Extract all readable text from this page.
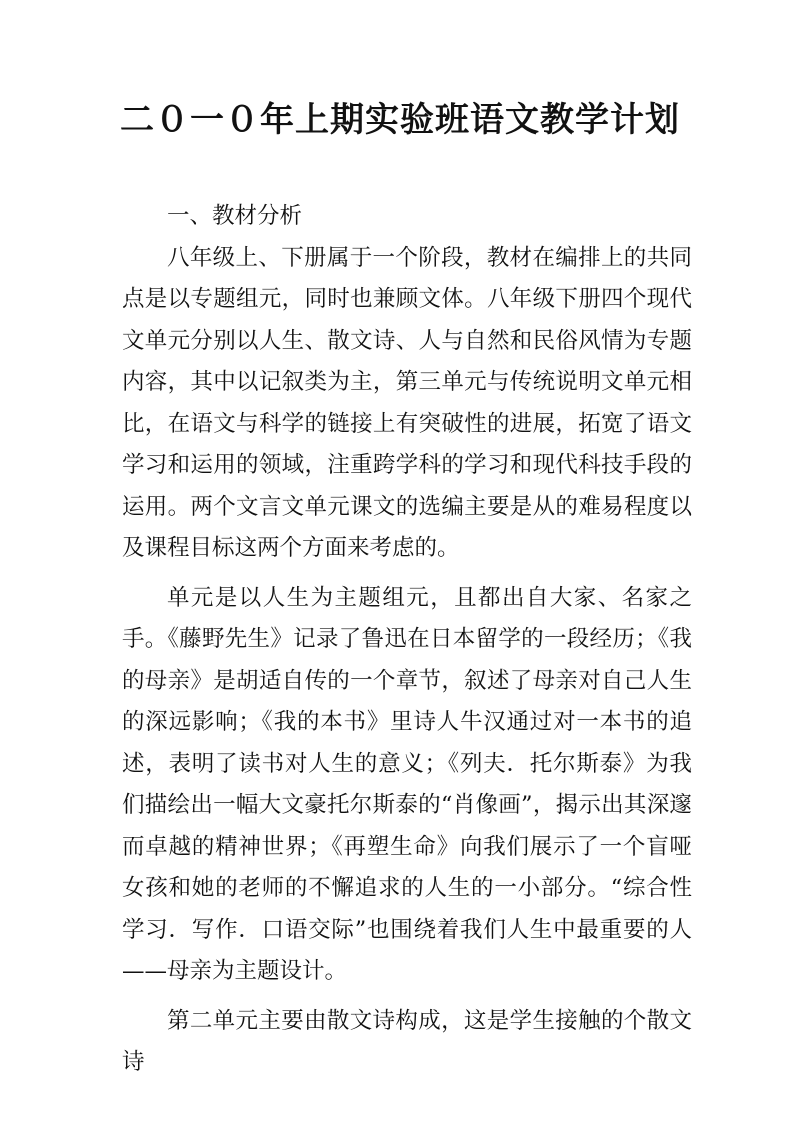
二０一０年上期实验班语文教学计划

一、教材分析

八年级上、下册属于一个阶段，教材在编排上的共同点是以专题组元，同时也兼顾文体。八年级下册四个现代文单元分别以人生、散文诗、人与自然和民俗风情为专题内容，其中以记叙类为主，第三单元与传统说明文单元相比，在语文与科学的链接上有突破性的进展，拓宽了语文学习和运用的领域，注重跨学科的学习和现代科技手段的运用。两个文言文单元课文的选编主要是从的难易程度以及课程目标这两个方面来考虑的。

单元是以人生为主题组元，且都出自大家、名家之手。《藤野先生》记录了鲁迅在日本留学的一段经历；《我的母亲》是胡适自传的一个章节，叙述了母亲对自己人生的深远影响；《我的本书》里诗人牛汉通过对一本书的追述，表明了读书对人生的意义；《列夫．托尔斯泰》为我们描绘出一幅大文豪托尔斯泰的“肖像画”，揭示出其深邃而卓越的精神世界；《再塑生命》向我们展示了一个盲哑女孩和她的老师的不懈追求的人生的一小部分。“综合性学习．写作．口语交际”也围绕着我们人生中最重要的人——母亲为主题设计。

第二单元主要由散文诗构成，这是学生接触的个散文诗
